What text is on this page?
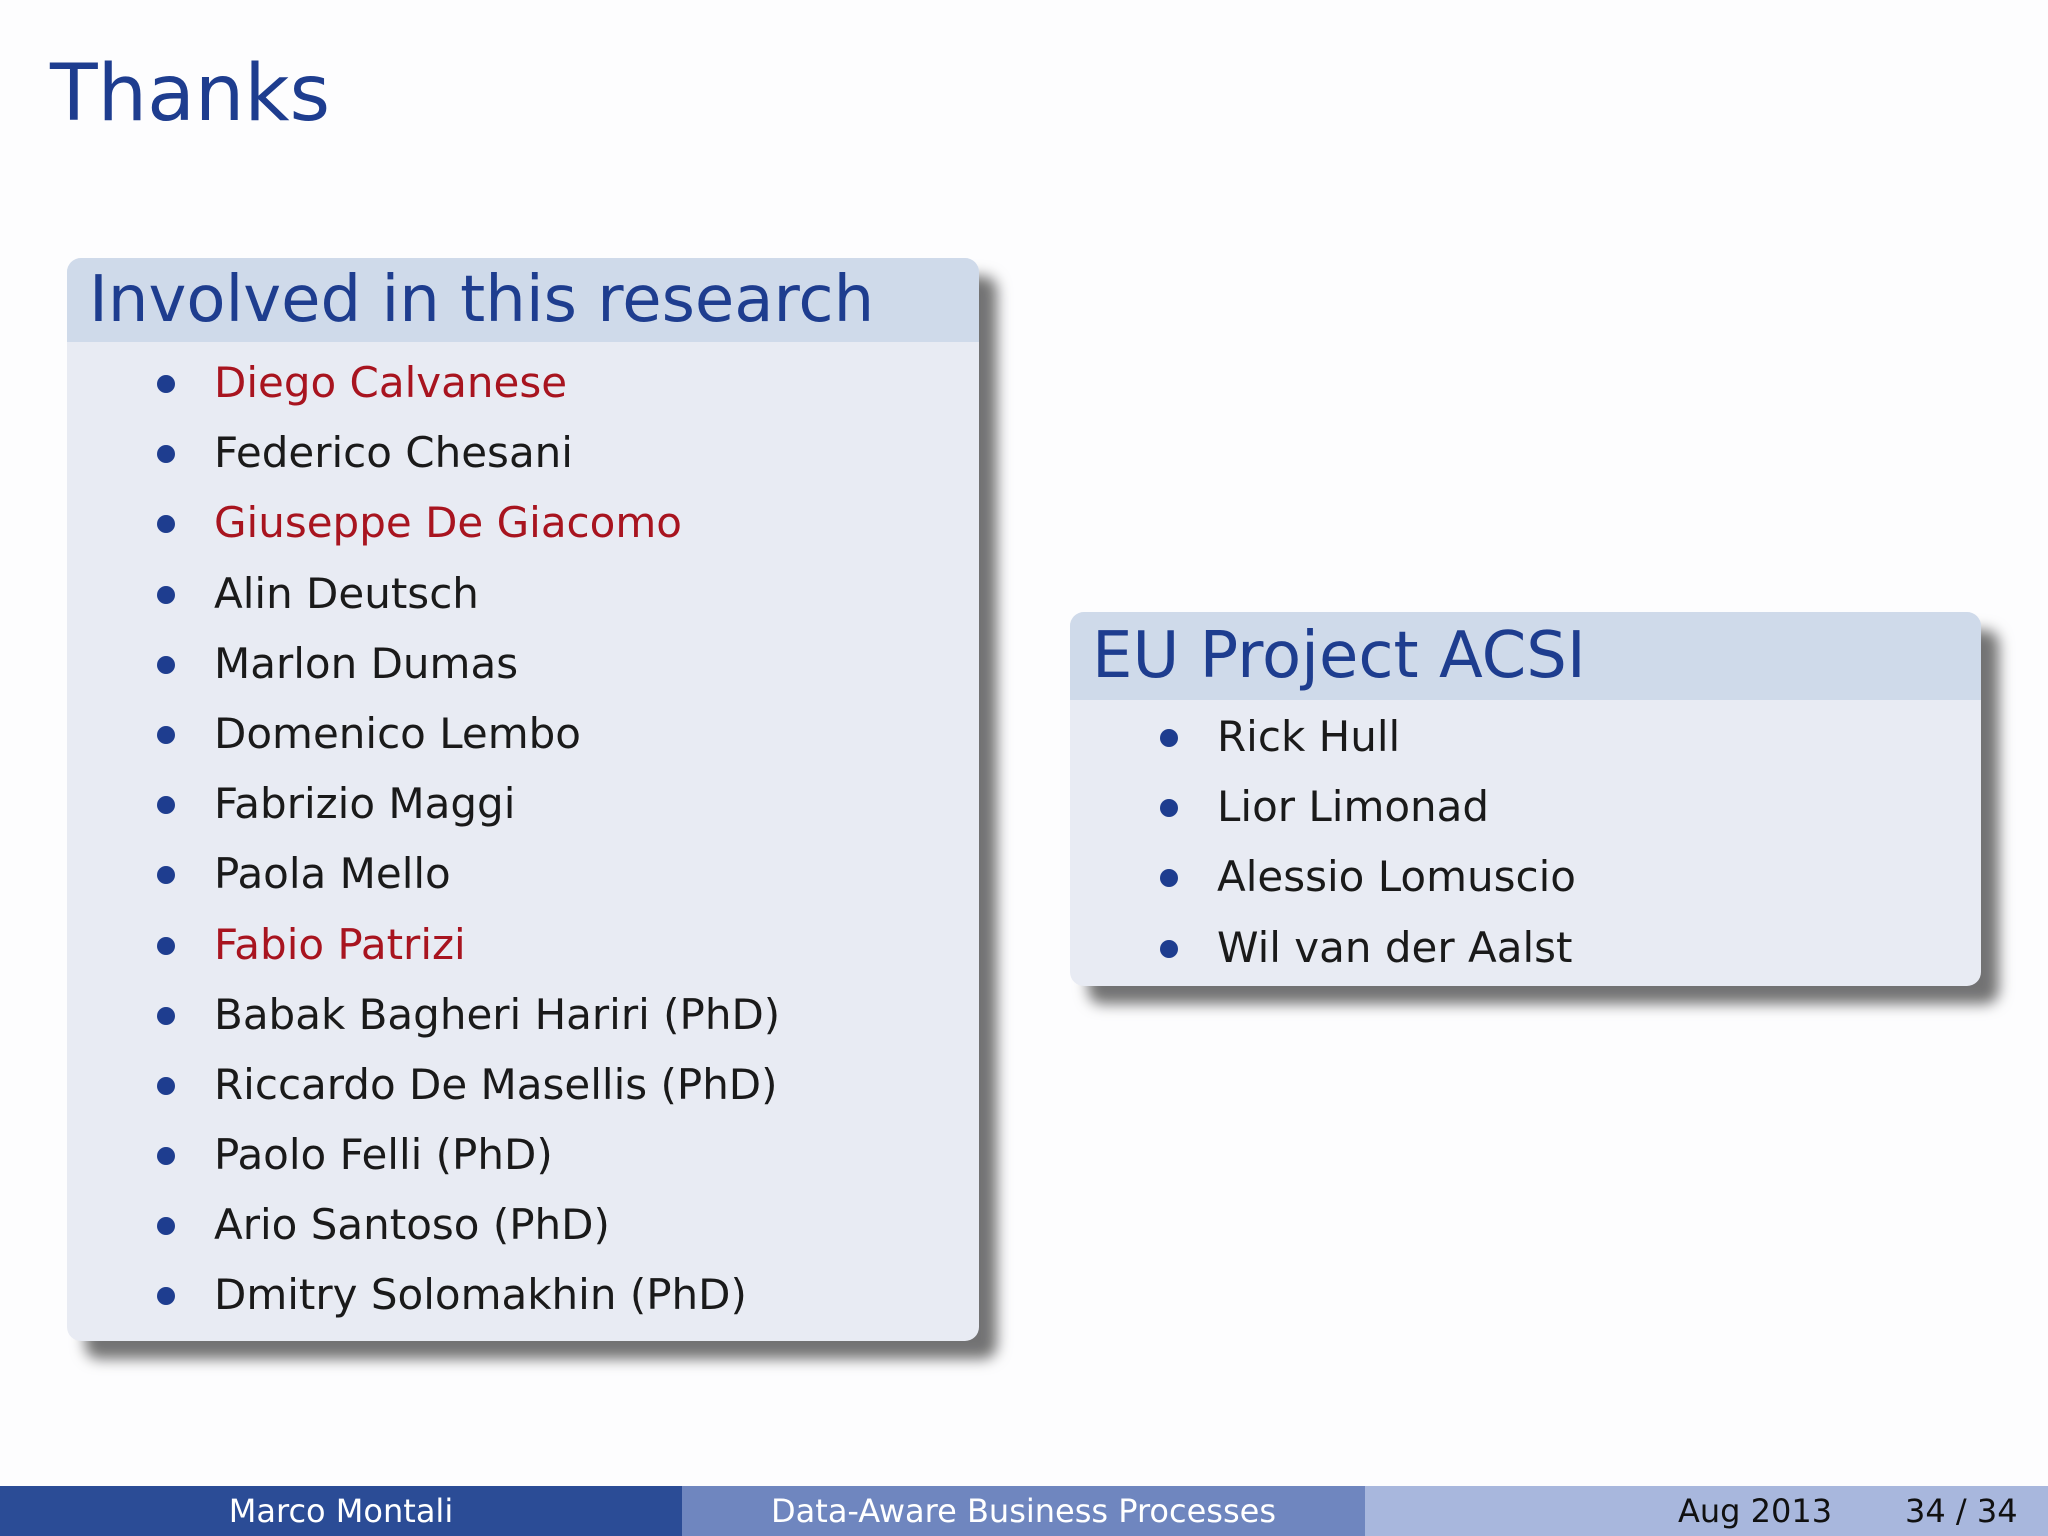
Thanks
Involved in this research
Diego Calvanese
Federico Chesani
Giuseppe De Giacomo
Alin Deutsch
Marlon Dumas
Domenico Lembo
Fabrizio Maggi
Paola Mello
Fabio Patrizi
Babak Bagheri Hariri (PhD)
Riccardo De Masellis (PhD)
Paolo Felli (PhD)
Ario Santoso (PhD)
Dmitry Solomakhin (PhD)
EU Project ACSI
Rick Hull
Lior Limonad
Alessio Lomuscio
Wil van der Aalst
Marco Montali	Data-Aware Business Processes	Aug 2013 34 / 34
